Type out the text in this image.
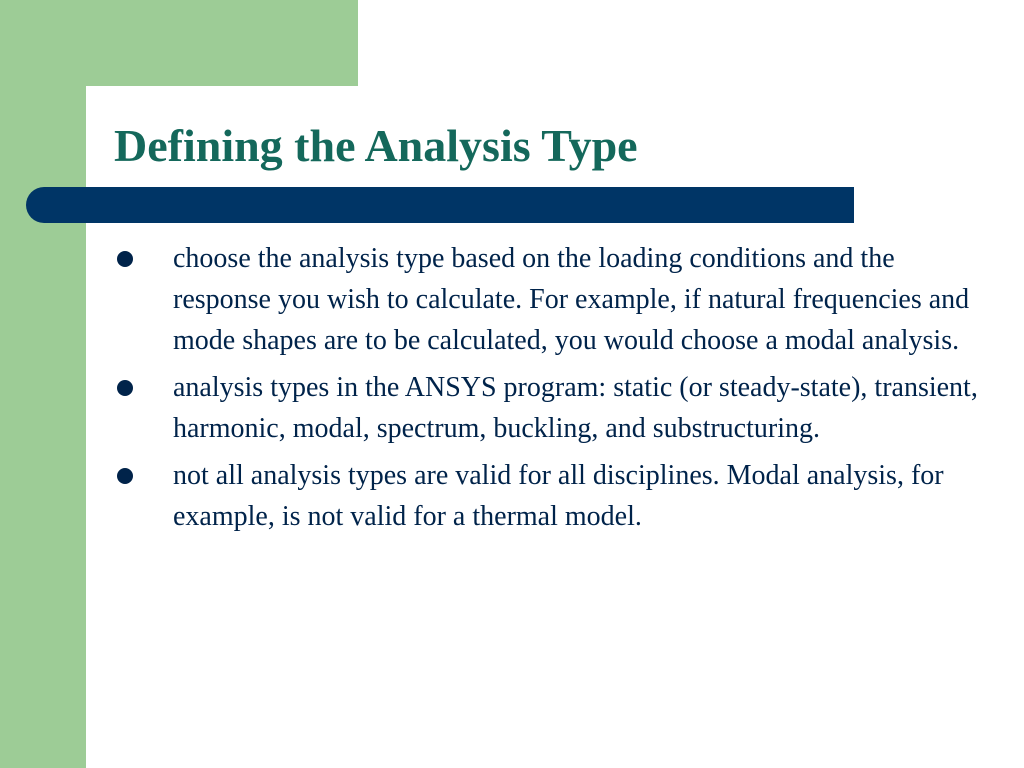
Defining the Analysis Type
choose the analysis type based on the loading conditions and the response you wish to calculate. For example, if natural frequencies and mode shapes are to be calculated, you would choose a modal analysis.
analysis types in the ANSYS program: static (or steady-state), transient, harmonic, modal, spectrum, buckling, and substructuring.
not all analysis types are valid for all disciplines. Modal analysis, for example, is not valid for a thermal model.
